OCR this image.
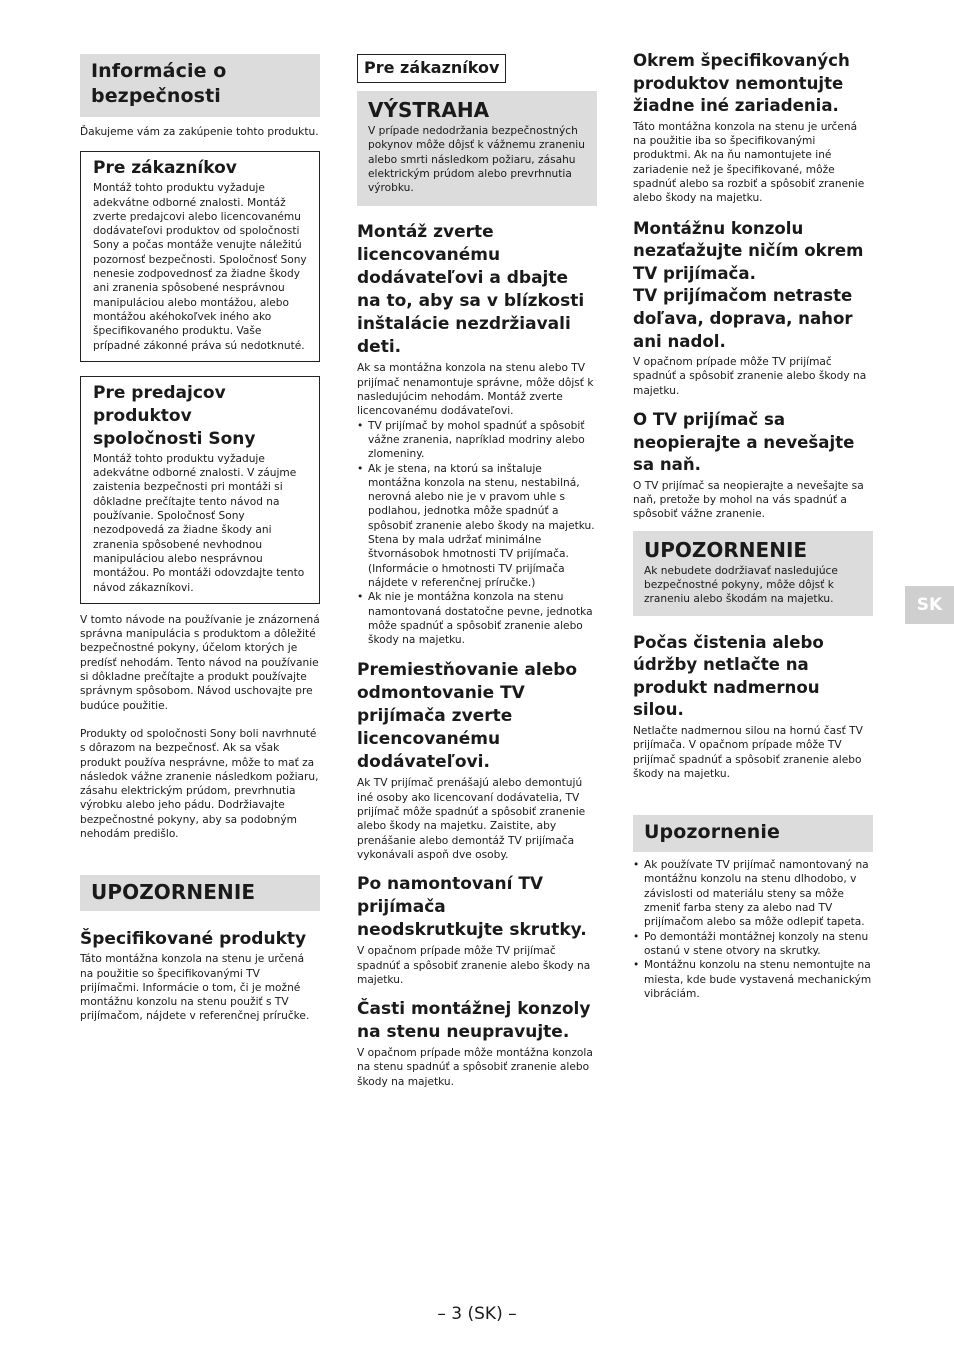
Informácie o bezpečnosti

Ďakujeme vám za zakúpenie tohto produktu.

Pre zákazníkov

Montáž tohto produktu vyžaduje adekvátne odborné znalosti. Montáž zverte predajcovi alebo licencovanému dodávateľovi produktov od spoločnosti Sony a počas montáže venujte náležitú pozornosť bezpečnosti. Spoločnosť Sony nenesie zodpovednosť za žiadne škody ani zranenia spôsobené nesprávnou manipuláciou alebo montážou, alebo montážou akéhokoľvek iného ako špecifikovaného produktu. Vaše prípadné zákonné práva sú nedotknuté.

Pre predajcov produktov spoločnosti Sony

Montáž tohto produktu vyžaduje adekvátne odborné znalosti. V záujme zaistenia bezpečnosti pri montáži si dôkladne prečítajte tento návod na používanie. Spoločnosť Sony nezodpovedá za žiadne škody ani zranenia spôsobené nevhodnou manipuláciou alebo nesprávnou montážou. Po montáži odovzdajte tento návod zákazníkovi.

V tomto návode na používanie je znázornená správna manipulácia s produktom a dôležité bezpečnostné pokyny, účelom ktorých je predísť nehodám. Tento návod na používanie si dôkladne prečítajte a produkt používajte správnym spôsobom. Návod uschovajte pre budúce použitie.

Produkty od spoločnosti Sony boli navrhnuté s dôrazom na bezpečnosť. Ak sa však produkt používa nesprávne, môže to mať za následok vážne zranenie následkom požiaru, zásahu elektrickým prúdom, prevrhnutia výrobku alebo jeho pádu. Dodržiavajte bezpečnostné pokyny, aby sa podobným nehodám predišlo.

UPOZORNENIE
Špecifikované produkty

Táto montážna konzola na stenu je určená na použitie so špecifikovanými TV prijímačmi. Informácie o tom, či je možné montážnu konzolu na stenu použiť s TV prijímačom, nájdete v referenčnej príručke.

Pre zákazníkov
VÝSTRAHA

V prípade nedodržania bezpečnostných pokynov môže dôjsť k vážnemu zraneniu alebo smrti následkom požiaru, zásahu elektrickým prúdom alebo prevrhnutia výrobku.

Montáž zverte licencovanému dodávateľovi a dbajte na to, aby sa v blízkosti inštalácie nezdržiavali deti.

Ak sa montážna konzola na stenu alebo TV prijímač nenamontuje správne, môže dôjsť k nasledujúcim nehodám. Montáž zverte licencovanému dodávateľovi.

• TV prijímač by mohol spadnúť a spôsobiť vážne zranenia, napríklad modriny alebo zlomeniny.
• Ak je stena, na ktorú sa inštaluje montážna konzola na stenu, nestabilná, nerovná alebo nie je v pravom uhle s podlahou, jednotka môže spadnúť a spôsobiť zranenie alebo škody na majetku. Stena by mala udržať minimálne štvornásobok hmotnosti TV prijímača.
(Informácie o hmotnosti TV prijímača nájdete v referenčnej príručke.)
• Ak nie je montážna konzola na stenu namontovaná dostatočne pevne, jednotka môže spadnúť a spôsobiť zranenie alebo škody na majetku.
Premiestňovanie alebo odmontovanie TV prijímača zverte licencovanému dodávateľovi.

Ak TV prijímač prenášajú alebo demontujú iné osoby ako licencovaní dodávatelia, TV prijímač môže spadnúť a spôsobiť zranenie alebo škody na majetku. Zaistite, aby prenášanie alebo demontáž TV prijímača vykonávali aspoň dve osoby.

Po namontovaní TV prijímača neodskrutkujte skrutky.

V opačnom prípade môže TV prijímač spadnúť a spôsobiť zranenie alebo škody na majetku.

Časti montážnej konzoly na stenu neupravujte.

V opačnom prípade môže montážna konzola na stenu spadnúť a spôsobiť zranenie alebo škody na majetku.

Okrem špecifikovaných produktov nemontujte žiadne iné zariadenia.

Táto montážna konzola na stenu je určená na použitie iba so špecifikovanými produktmi. Ak na ňu namontujete iné zariadenie než je špecifikované, môže spadnúť alebo sa rozbiť a spôsobiť zranenie alebo škody na majetku.

Montážnu konzolu nezaťažujte ničím okrem TV prijímača.
TV prijímačom netraste doľava, doprava, nahor ani nadol.

V opačnom prípade môže TV prijímač spadnúť a spôsobiť zranenie alebo škody na majetku.

O TV prijímač sa neopierajte a nevešajte sa naň.

O TV prijímač sa neopierajte a nevešajte sa naň, pretože by mohol na vás spadnúť a spôsobiť vážne zranenie.

UPOZORNENIE

Ak nebudete dodržiavať nasledujúce bezpečnostné pokyny, môže dôjsť k zraneniu alebo škodám na majetku.

Počas čistenia alebo údržby netlačte na produkt nadmernou silou.

Netlačte nadmernou silou na hornú časť TV prijímača. V opačnom prípade môže TV prijímač spadnúť a spôsobiť zranenie alebo škody na majetku.

Upozornenie
• Ak používate TV prijímač namontovaný na montážnu konzolu na stenu dlhodobo, v závislosti od materiálu steny sa môže zmeniť farba steny za alebo nad TV prijímačom alebo sa môže odlepiť tapeta.
• Po demontáži montážnej konzoly na stenu ostanú v stene otvory na skrutky.
• Montážnu konzolu na stenu nemontujte na miesta, kde bude vystavená mechanickým vibráciám.
SK
– 3 (SK) –
